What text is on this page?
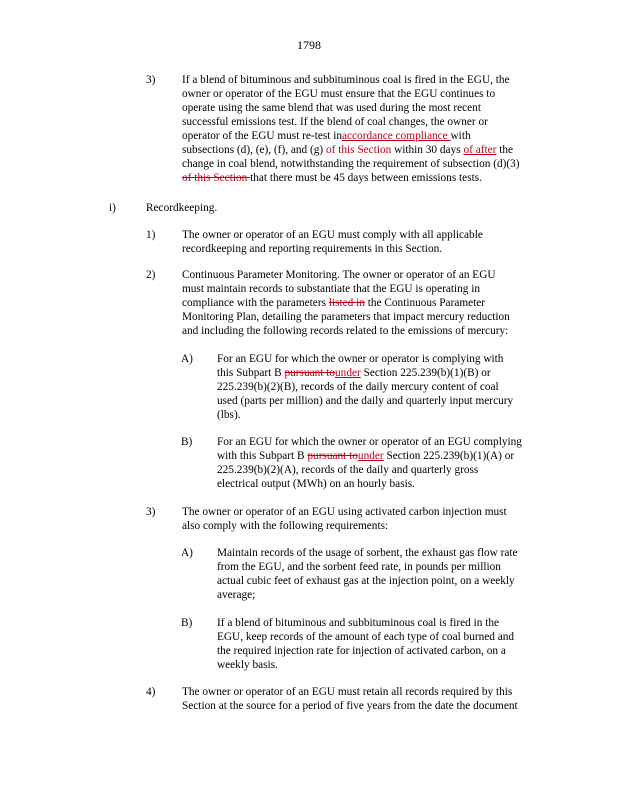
1798
3) If a blend of bituminous and subbituminous coal is fired in the EGU, the
owner or operator of the EGU must ensure that the EGU continues to
operate using the same blend that was used during the most recent
successful emissions test. If the blend of coal changes, the owner or
operator of the EGU must re-test inaccordance compliance with
subsections (d), (e), (f), and (g) of this Section within 30 days of after the
change in coal blend, notwithstanding the requirement of subsection (d)(3)
of this Section that there must be 45 days between emissions tests.
i)	Recordkeeping.
1) The owner or operator of an EGU must comply with all applicable
recordkeeping and reporting requirements in this Section.
2) Continuous Parameter Monitoring. The owner or operator of an EGU
must maintain records to substantiate that the EGU is operating in
compliance with the parameters listed in the Continuous Parameter
Monitoring Plan, detailing the parameters that impact mercury reduction
and including the following records related to the emissions of mercury:
A) For an EGU for which the owner or operator is complying with
this Subpart B pursuant tounder Section 225.239(b)(1)(B) or
225.239(b)(2)(B), records of the daily mercury content of coal
used (parts per million) and the daily and quarterly input mercury
(lbs).
B) For an EGU for which the owner or operator of an EGU complying
with this Subpart B pursuant tounder Section 225.239(b)(1)(A) or
225.239(b)(2)(A), records of the daily and quarterly gross
electrical output (MWh) on an hourly basis.
3) The owner or operator of an EGU using activated carbon injection must
also comply with the following requirements:
A) Maintain records of the usage of sorbent, the exhaust gas flow rate
from the EGU, and the sorbent feed rate, in pounds per million
actual cubic feet of exhaust gas at the injection point, on a weekly
average;
B) If a blend of bituminous and subbituminous coal is fired in the
EGU, keep records of the amount of each type of coal burned and
the required injection rate for injection of activated carbon, on a
weekly basis.
4) The owner or operator of an EGU must retain all records required by this
Section at the source for a period of five years from the date the document
